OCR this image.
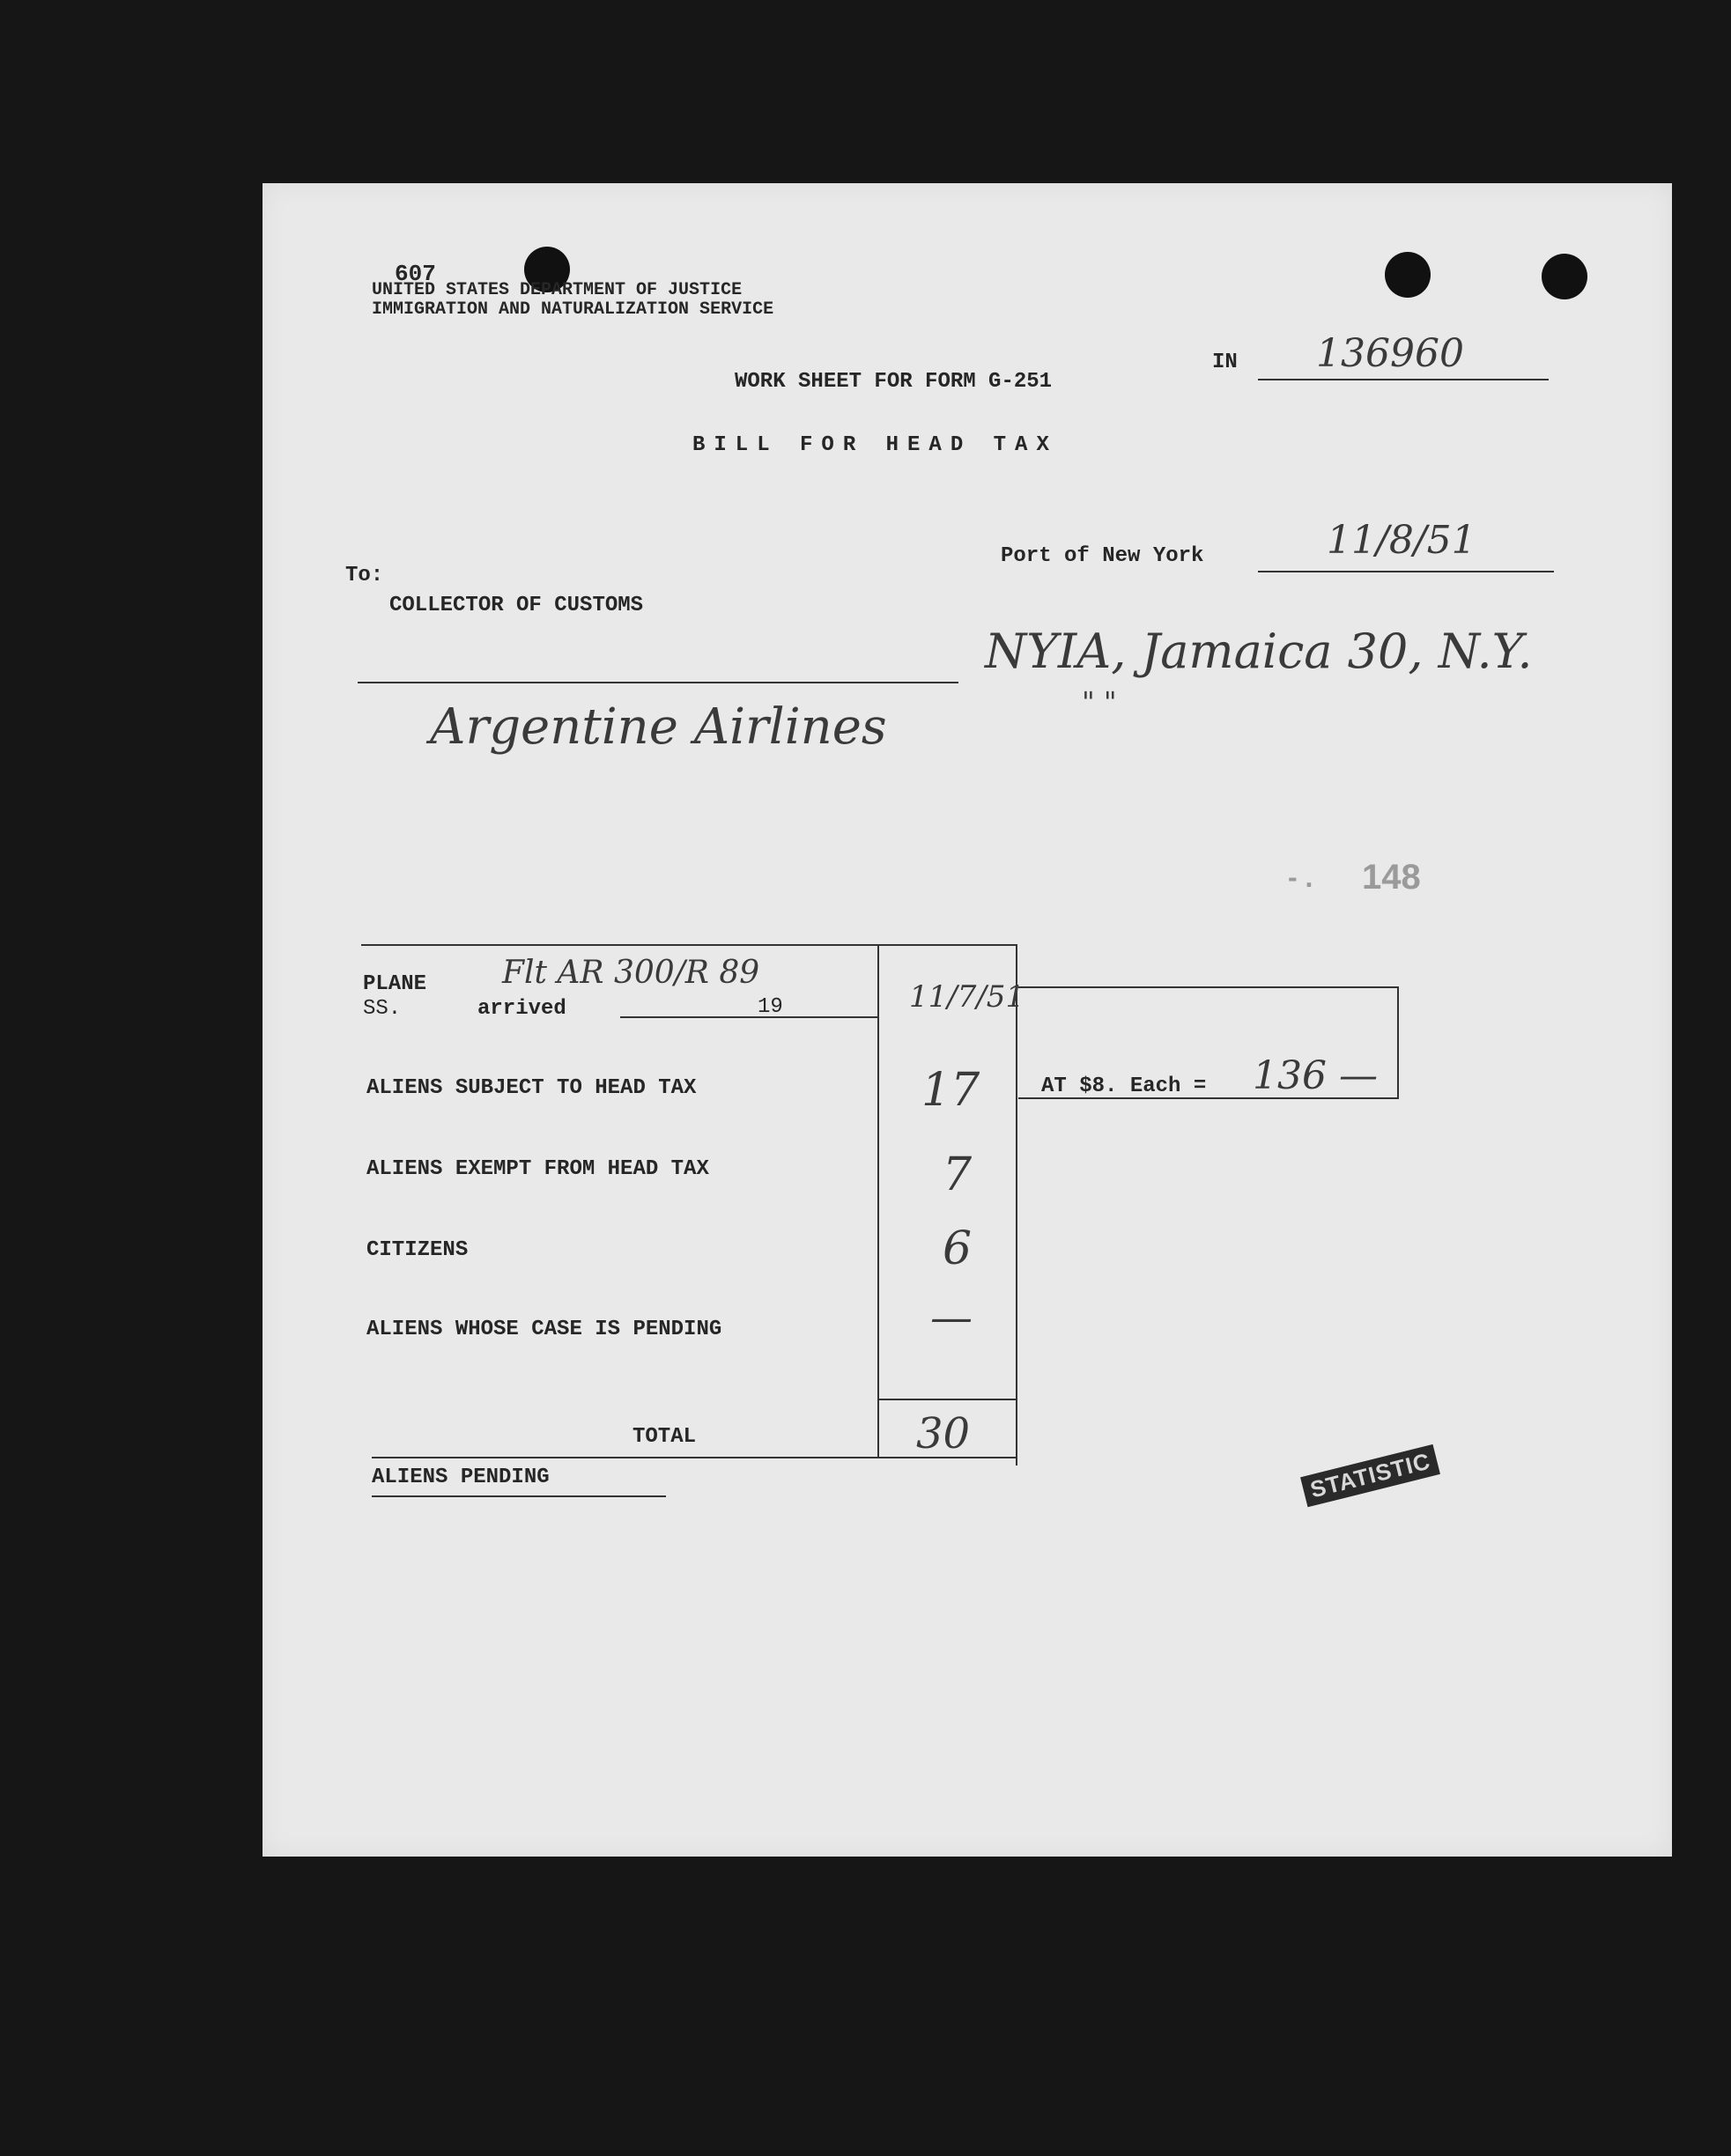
607
UNITED STATES DEPARTMENT OF JUSTICE
IMMIGRATION AND NATURALIZATION SERVICE
IN 136960
WORK SHEET FOR FORM G-251
BILL FOR HEAD TAX
Port of New York	11/8/51
To:
COLLECTOR OF CUSTOMS
NYIA, Jamaica 30, N.Y.
" "
Argentine Airlines
- . 148
PLANE
SS.	arrived	19
Flt AR 300/R 89
11/7/51
ALIENS SUBJECT TO HEAD TAX	17
ALIENS EXEMPT FROM HEAD TAX	7
CITIZENS	6
ALIENS WHOSE CASE IS PENDING	—
TOTAL	30
ALIENS PENDING
AT $8. Each = 136 —
STATISTIC
